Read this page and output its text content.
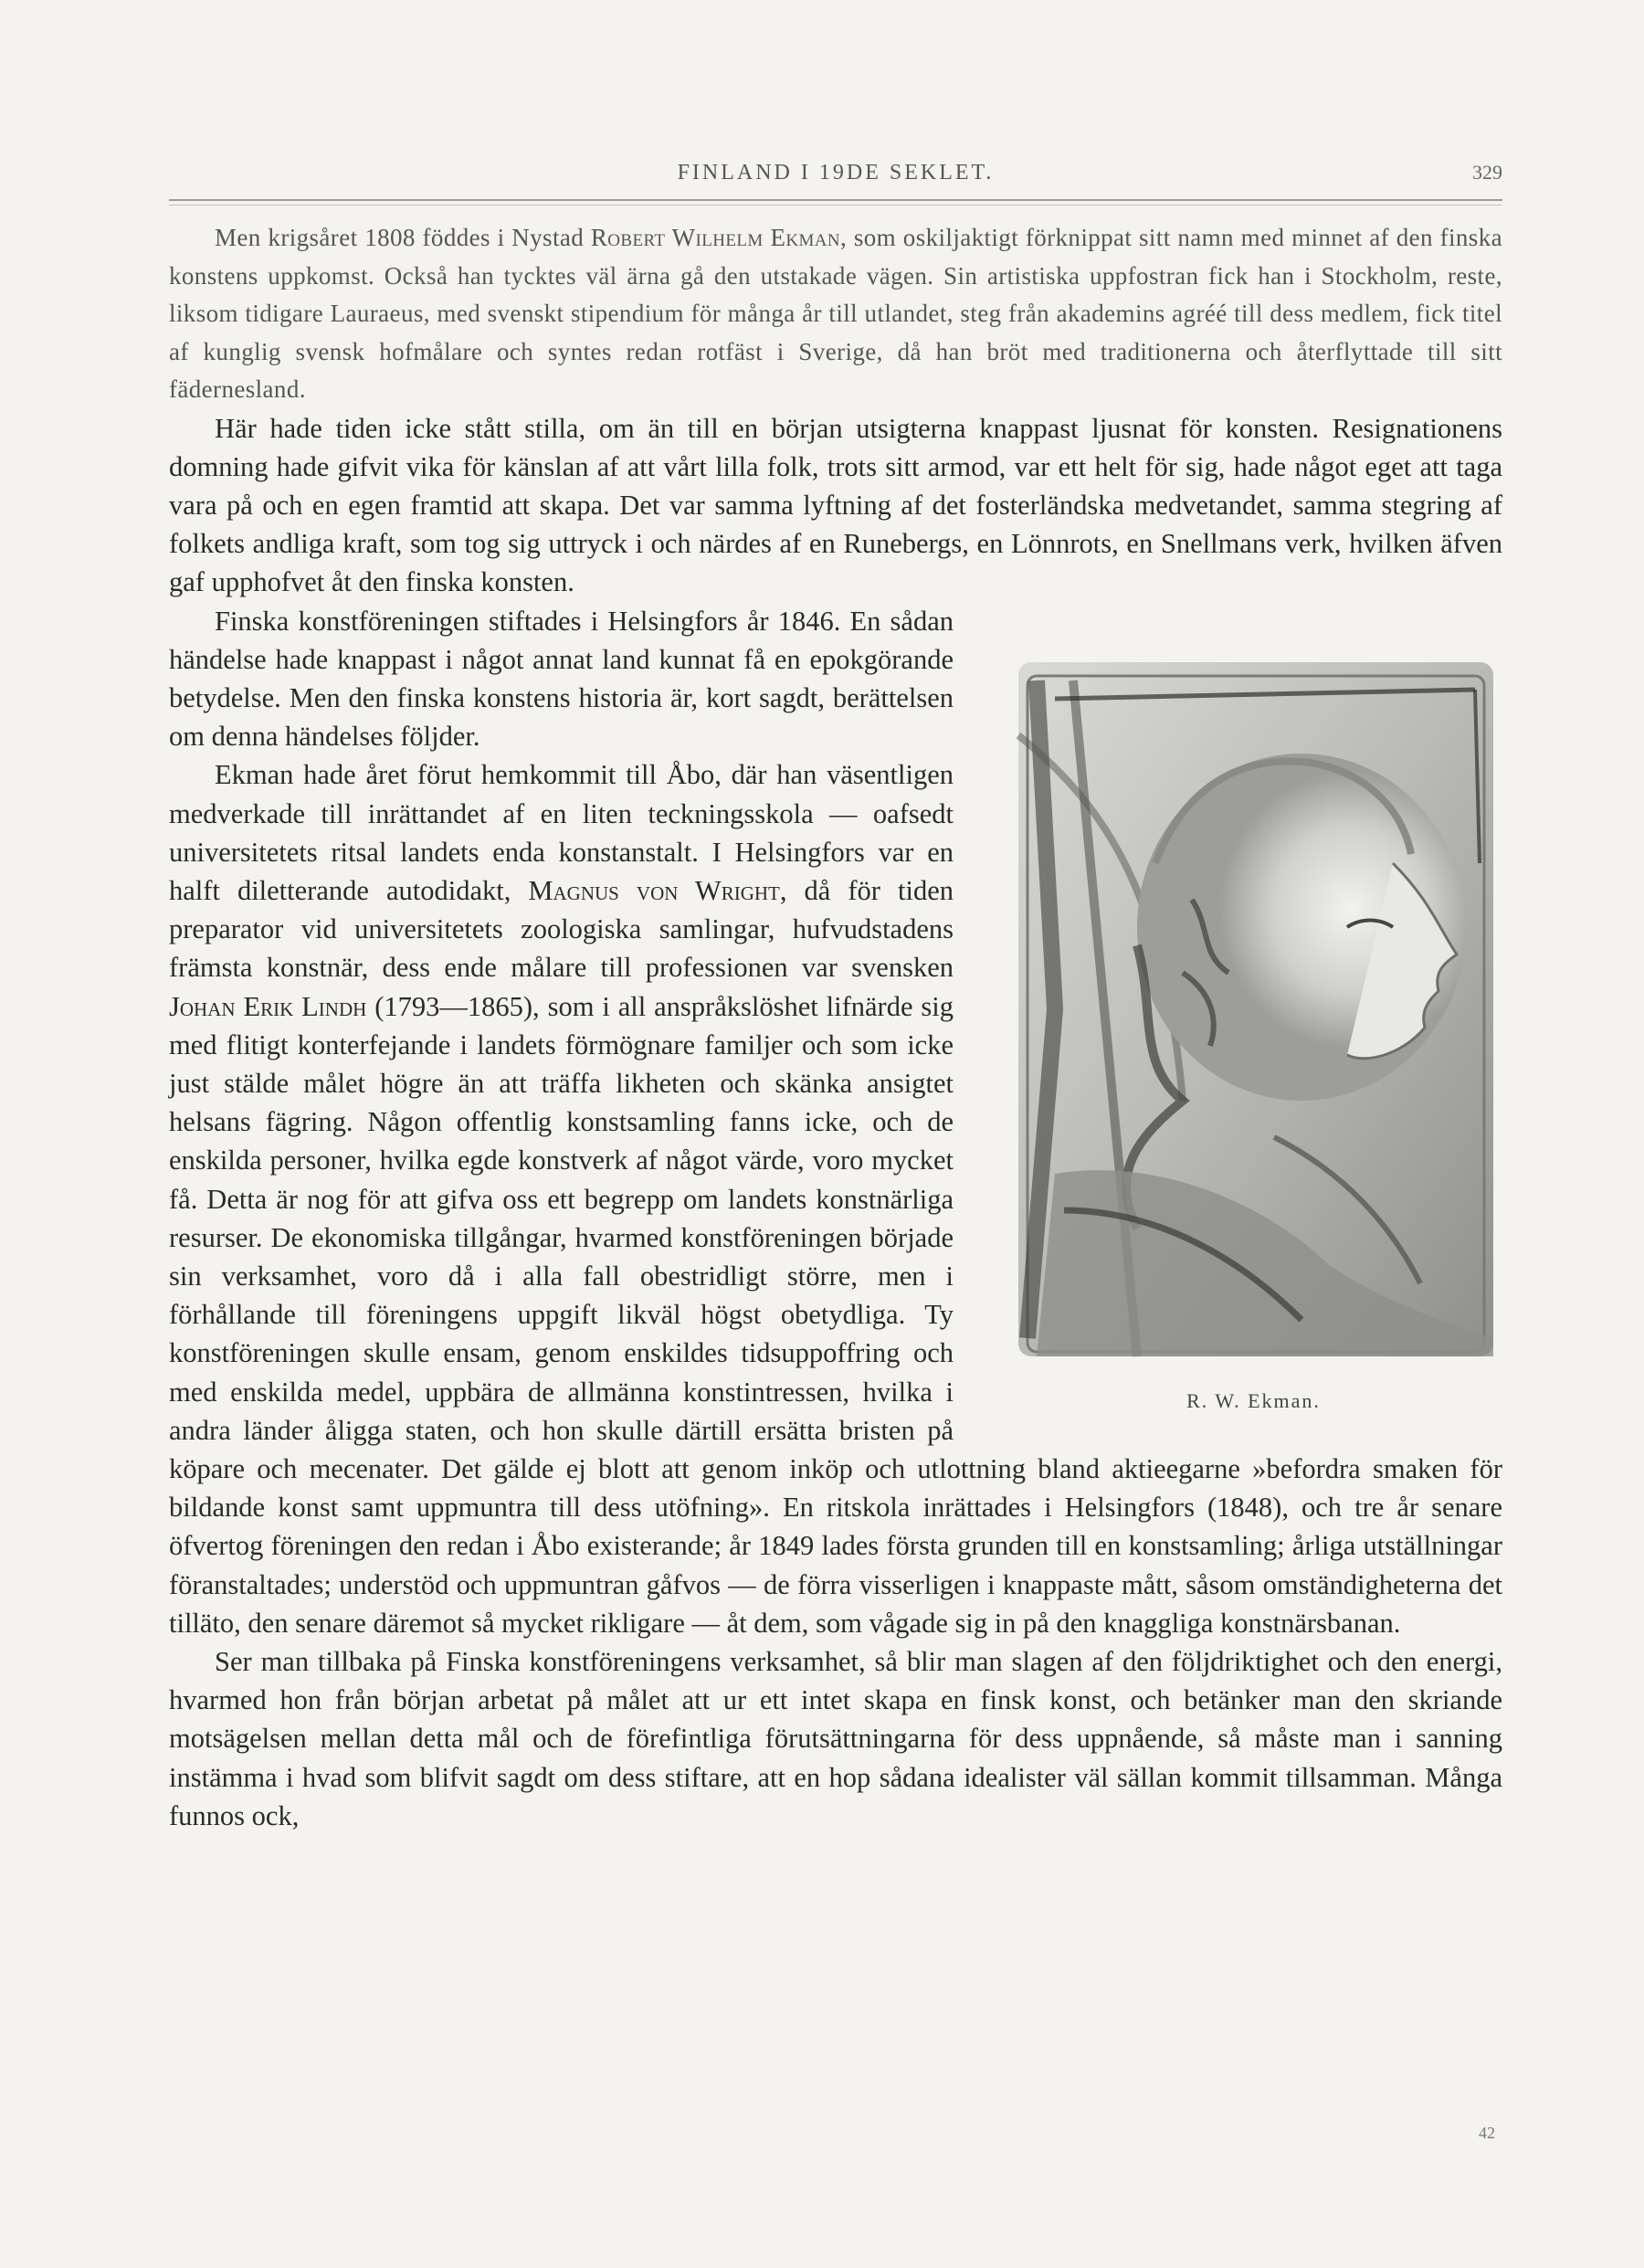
FINLAND I 19DE SEKLET.	329

Men krigsåret 1808 föddes i Nystad Robert Wilhelm Ekman, som oskiljaktigt förknippat sitt namn med minnet af den finska konstens uppkomst. Också han tycktes väl ärna gå den utstakade vägen. Sin artistiska uppfostran fick han i Stockholm, reste, liksom tidigare Lauraeus, med svenskt stipendium för många år till utlandet, steg från akademins agréé till dess medlem, fick titel af kunglig svensk hofmålare och syntes redan rotfäst i Sverige, då han bröt med traditionerna och återflyttade till sitt fädernesland.

Här hade tiden icke stått stilla, om än till en början utsigterna knappast ljusnat för konsten. Resignationens domning hade gifvit vika för känslan af att vårt lilla folk, trots sitt armod, var ett helt för sig, hade något eget att taga vara på och en egen framtid att skapa. Det var samma lyftning af det fosterländska medvetandet, samma stegring af folkets andliga kraft, som tog sig uttryck i och närdes af en Runebergs, en Lönnrots, en Snellmans verk, hvilken äfven gaf upphofvet åt den finska konsten.

R. W. Ekman.

Finska konstföreningen stiftades i Helsingfors år 1846. En sådan händelse hade knappast i något annat land kunnat få en epokgörande betydelse. Men den finska konstens historia är, kort sagdt, berättelsen om denna händelses följder.

Ekman hade året förut hemkommit till Åbo, där han väsentligen medverkade till inrättandet af en liten teckningsskola — oafsedt universitetets ritsal landets enda konstanstalt. I Helsingfors var en halft diletterande autodidakt, Magnus von Wright, då för tiden preparator vid universitetets zoologiska samlingar, hufvudstadens främsta konstnär, dess ende målare till professionen var svensken Johan Erik Lindh (1793—1865), som i all anspråkslöshet lifnärde sig med flitigt konterfejande i landets förmögnare familjer och som icke just stälde målet högre än att träffa likheten och skänka ansigtet helsans fägring. Någon offentlig konstsamling fanns icke, och de enskilda personer, hvilka egde konstverk af något värde, voro mycket få. Detta är nog för att gifva oss ett begrepp om landets konstnärliga resurser. De ekonomiska tillgångar, hvarmed konstföreningen började sin verksamhet, voro då i alla fall obestridligt större, men i förhållande till föreningens uppgift likväl högst obetydliga. Ty konstföreningen skulle ensam, genom enskildes tidsuppoffring och med enskilda medel, uppbära de allmänna konstintressen, hvilka i andra länder åligga staten, och hon skulle därtill ersätta bristen på köpare och mecenater. Det gälde ej blott att genom inköp och utlottning bland aktieegarne »befordra smaken för bildande konst samt uppmuntra till dess utöfning». En ritskola inrättades i Helsingfors (1848), och tre år senare öfvertog föreningen den redan i Åbo existerande; år 1849 lades första grunden till en konstsamling; årliga utställningar föranstaltades; understöd och uppmuntran gåfvos — de förra visserligen i knappaste mått, såsom omständigheterna det tilläto, den senare däremot så mycket rikligare — åt dem, som vågade sig in på den knaggliga konstnärsbanan.

Ser man tillbaka på Finska konstföreningens verksamhet, så blir man slagen af den följdriktighet och den energi, hvarmed hon från början arbetat på målet att ur ett intet skapa en finsk konst, och betänker man den skriande motsägelsen mellan detta mål och de förefintliga förutsättningarna för dess uppnående, så måste man i sanning instämma i hvad som blifvit sagdt om dess stiftare, att en hop sådana idealister väl sällan kommit tillsamman. Många funnos ock,

42
